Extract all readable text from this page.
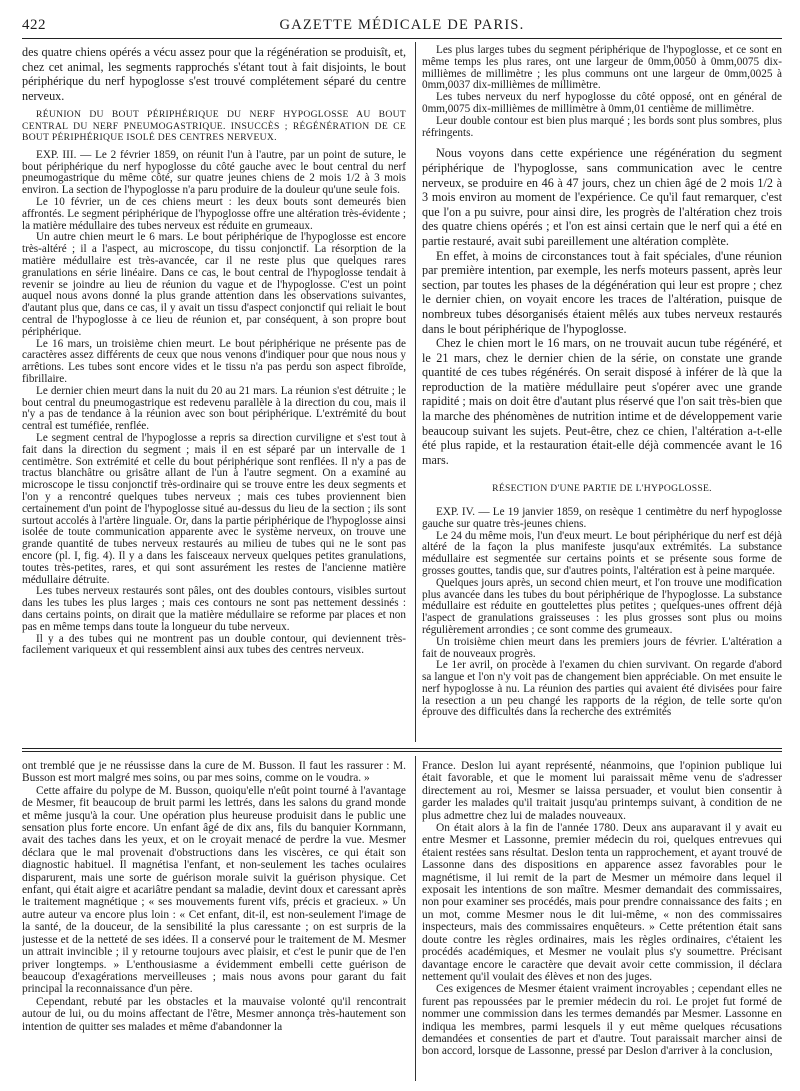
422	GAZETTE MÉDICALE DE PARIS.

des quatre chiens opérés a vécu assez pour que la régénération se produisît, et, chez cet animal, les segments rapprochés s'étant tout à fait disjoints, le bout périphérique du nerf hypoglosse s'est trouvé complétement séparé du centre nerveux.

RÉUNION DU BOUT PÉRIPHÉRIQUE DU NERF HYPOGLOSSE AU BOUT CENTRAL DU NERF PNEUMOGASTRIQUE. INSUCCÈS ; RÉGÉNÉRATION DE CE BOUT PÉRIPHÉRIQUE ISOLÉ DES CENTRES NERVEUX.

EXP. III. — Le 2 février 1859, on réunit l'un à l'autre, par un point de suture, le bout périphérique du nerf hypoglosse du côté gauche avec le bout central du nerf pneumogastrique du même côté, sur quatre jeunes chiens de 2 mois 1/2 à 3 mois environ. La section de l'hypoglosse n'a paru produire de la douleur qu'une seule fois.

Le 10 février, un de ces chiens meurt : les deux bouts sont demeurés bien affrontés. Le segment périphérique de l'hypoglosse offre une altération très-évidente ; la matière médullaire des tubes nerveux est réduite en grumeaux.

Un autre chien meurt le 6 mars. Le bout périphérique de l'hypoglosse est encore très-altéré ; il a l'aspect, au microscope, du tissu conjonctif. La résorption de la matière médullaire est très-avancée, car il ne reste plus que quelques rares granulations en série linéaire. Dans ce cas, le bout central de l'hypoglosse tendait à revenir se joindre au lieu de réunion du vague et de l'hypoglosse. C'est un point auquel nous avons donné la plus grande attention dans les observations suivantes, d'autant plus que, dans ce cas, il y avait un tissu d'aspect conjonctif qui reliait le bout central de l'hypoglosse à ce lieu de réunion et, par conséquent, à son propre bout périphérique.

Le 16 mars, un troisième chien meurt. Le bout périphérique ne présente pas de caractères assez différents de ceux que nous venons d'indiquer pour que nous nous y arrêtions. Les tubes sont encore vides et le tissu n'a pas perdu son aspect fibroïde, fibrillaire.

Le dernier chien meurt dans la nuit du 20 au 21 mars. La réunion s'est détruite ; le bout central du pneumogastrique est redevenu parallèle à la direction du cou, mais il n'y a pas de tendance à la réunion avec son bout périphérique. L'extrémité du bout central est tuméfiée, renflée.

Le segment central de l'hypoglosse a repris sa direction curviligne et s'est tout à fait dans la direction du segment ; mais il en est séparé par un intervalle de 1 centimètre. Son extrémité et celle du bout périphérique sont renflées. Il n'y a pas de tractus blanchâtre ou grisâtre allant de l'un à l'autre segment. On a examiné au microscope le tissu conjonctif très-ordinaire qui se trouve entre les deux segments et l'on y a rencontré quelques tubes nerveux ; mais ces tubes proviennent bien certainement d'un point de l'hypoglosse situé au-dessus du lieu de la section ; ils sont surtout accolés à l'artère linguale. Or, dans la partie périphérique de l'hypoglosse ainsi isolée de toute communication apparente avec le système nerveux, on trouve une grande quantité de tubes nerveux restaurés au milieu de tubes qui ne le sont pas encore (pl. I, fig. 4). Il y a dans les faisceaux nerveux quelques petites granulations, toutes très-petites, rares, et qui sont assurément les restes de l'ancienne matière médullaire détruite.

Les tubes nerveux restaurés sont pâles, ont des doubles contours, visibles surtout dans les tubes les plus larges ; mais ces contours ne sont pas nettement dessinés : dans certains points, on dirait que la matière médullaire se reforme par places et non pas en même temps dans toute la longueur du tube nerveux.

Il y a des tubes qui ne montrent pas un double contour, qui deviennent très-facilement variqueux et qui ressemblent ainsi aux tubes des centres nerveux.

Les plus larges tubes du segment périphérique de l'hypoglosse, et ce sont en même temps les plus rares, ont une largeur de 0mm,0050 à 0mm,0075 dix-millièmes de millimètre ; les plus communs ont une largeur de 0mm,0025 à 0mm,0037 dix-millièmes de millimètre.

Les tubes nerveux du nerf hypoglosse du côté opposé, ont en général de 0mm,0075 dix-millièmes de millimètre à 0mm,01 centième de millimètre.

Leur double contour est bien plus marqué ; les bords sont plus sombres, plus réfringents.

Nous voyons dans cette expérience une régénération du segment périphérique de l'hypoglosse, sans communication avec le centre nerveux, se produire en 46 à 47 jours, chez un chien âgé de 2 mois 1/2 à 3 mois environ au moment de l'expérience. Ce qu'il faut remarquer, c'est que l'on a pu suivre, pour ainsi dire, les progrès de l'altération chez trois des quatre chiens opérés ; et l'on est ainsi certain que le nerf qui a été en partie restauré, avait subi pareillement une altération complète.

En effet, à moins de circonstances tout à fait spéciales, d'une réunion par première intention, par exemple, les nerfs moteurs passent, après leur section, par toutes les phases de la dégénération qui leur est propre ; chez le dernier chien, on voyait encore les traces de l'altération, puisque de nombreux tubes désorganisés étaient mêlés aux tubes nerveux restaurés dans le bout périphérique de l'hypoglosse.

Chez le chien mort le 16 mars, on ne trouvait aucun tube régénéré, et le 21 mars, chez le dernier chien de la série, on constate une grande quantité de ces tubes régénérés. On serait disposé à inférer de là que la reproduction de la matière médullaire peut s'opérer avec une grande rapidité ; mais on doit être d'autant plus réservé que l'on sait très-bien que la marche des phénomènes de nutrition intime et de développement varie beaucoup suivant les sujets. Peut-être, chez ce chien, l'altération a-t-elle été plus rapide, et la restauration était-elle déjà commencée avant le 16 mars.

RÉSECTION D'UNE PARTIE DE L'HYPOGLOSSE.

EXP. IV. — Le 19 janvier 1859, on resèque 1 centimètre du nerf hypoglosse gauche sur quatre très-jeunes chiens.

Le 24 du même mois, l'un d'eux meurt. Le bout périphérique du nerf est déjà altéré de la façon la plus manifeste jusqu'aux extrémités. La substance médullaire est segmentée sur certains points et se présente sous forme de grosses gouttes, tandis que, sur d'autres points, l'altération est à peine marquée.

Quelques jours après, un second chien meurt, et l'on trouve une modification plus avancée dans les tubes du bout périphérique de l'hypoglosse. La substance médullaire est réduite en gouttelettes plus petites ; quelques-unes offrent déjà l'aspect de granulations graisseuses : les plus grosses sont plus ou moins régulièrement arrondies ; ce sont comme des grumeaux.

Un troisième chien meurt dans les premiers jours de février. L'altération a fait de nouveaux progrès.

Le 1er avril, on procède à l'examen du chien survivant. On regarde d'abord sa langue et l'on n'y voit pas de changement bien appréciable. On met ensuite le nerf hypoglosse à nu. La réunion des parties qui avaient été divisées pour faire la resection a un peu changé les rapports de la région, de telle sorte qu'on éprouve des difficultés dans la recherche des extrémités

ont tremblé que je ne réussisse dans la cure de M. Busson. Il faut les rassurer : M. Busson est mort malgré mes soins, ou par mes soins, comme on le voudra. »

Cette affaire du polype de M. Busson, quoiqu'elle n'eût point tourné à l'avantage de Mesmer, fit beaucoup de bruit parmi les lettrés, dans les salons du grand monde et même jusqu'à la cour. Une opération plus heureuse produisit dans le public une sensation plus forte encore. Un enfant âgé de dix ans, fils du banquier Kornmann, avait des taches dans les yeux, et on le croyait menacé de perdre la vue. Mesmer déclara que le mal provenait d'obstructions dans les viscères, ce qui était son diagnostic habituel. Il magnétisa l'enfant, et non-seulement les taches oculaires disparurent, mais une sorte de guérison morale suivit la guérison physique. Cet enfant, qui était aigre et acariâtre pendant sa maladie, devint doux et caressant après le traitement magnétique ; « ses mouvements furent vifs, précis et gracieux. » Un autre auteur va encore plus loin : « Cet enfant, dit-il, est non-seulement l'image de la santé, de la douceur, de la sensibilité la plus caressante ; on est surpris de la justesse et de la netteté de ses idées. Il a conservé pour le traitement de M. Mesmer un attrait invincible ; il y retourne toujours avec plaisir, et c'est le punir que de l'en priver longtemps. » L'enthousiasme a évidemment embelli cette guérison de beaucoup d'exagérations merveilleuses ; mais nous avons pour garant du fait principal la reconnaissance d'un père.

Cependant, rebuté par les obstacles et la mauvaise volonté qu'il rencontrait autour de lui, ou du moins affectant de l'être, Mesmer annonça très-hautement son intention de quitter ses malades et même d'abandonner la

France. Deslon lui ayant représenté, néanmoins, que l'opinion publique lui était favorable, et que le moment lui paraissait même venu de s'adresser directement au roi, Mesmer se laissa persuader, et voulut bien consentir à garder les malades qu'il traitait jusqu'au printemps suivant, à condition de ne plus admettre chez lui de malades nouveaux.

On était alors à la fin de l'année 1780. Deux ans auparavant il y avait eu entre Mesmer et Lassonne, premier médecin du roi, quelques entrevues qui étaient restées sans résultat. Deslon tenta un rapprochement, et ayant trouvé de Lassonne dans des dispositions en apparence assez favorables pour le magnétisme, il lui remit de la part de Mesmer un mémoire dans lequel il exposait les intentions de son maître. Mesmer demandait des commissaires, non pour examiner ses procédés, mais pour prendre connaissance des faits ; en un mot, comme Mesmer nous le dit lui-même, « non des commissaires inspecteurs, mais des commissaires enquêteurs. » Cette prétention était sans doute contre les règles ordinaires, mais les règles ordinaires, c'étaient les procédés académiques, et Mesmer ne voulait plus s'y soumettre. Précisant davantage encore le caractère que devait avoir cette commission, il déclara nettement qu'il voulait des élèves et non des juges.

Ces exigences de Mesmer étaient vraiment incroyables ; cependant elles ne furent pas repoussées par le premier médecin du roi. Le projet fut formé de nommer une commission dans les termes demandés par Mesmer. Lassonne en indiqua les membres, parmi lesquels il y eut même quelques récusations demandées et consenties de part et d'autre. Tout paraissait marcher ainsi de bon accord, lorsque de Lassonne, pressé par Deslon d'arriver à la conclusion,
